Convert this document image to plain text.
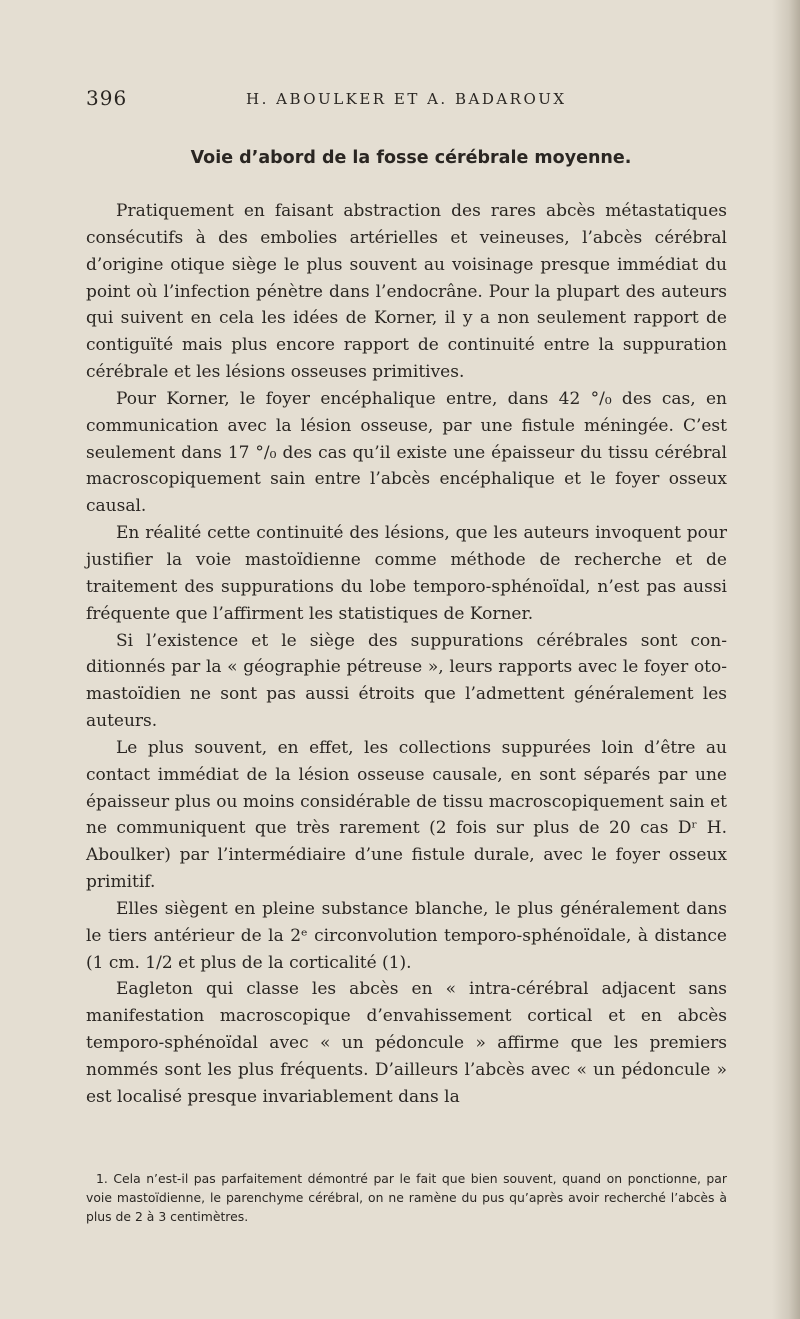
396	H. ABOULKER ET A. BADAROUX
Voie d’abord de la fosse cérébrale moyenne.

Pratiquement en faisant abstraction des rares abcès métastatiques consécutifs à des embolies artérielles et veineuses, l’abcès cérébral d’origine otique siège le plus souvent au voisinage presque immédiat du point où l’infection pénètre dans l’endocrâne. Pour la plupart des auteurs qui suivent en cela les idées de Korner, il y a non seulement rapport de contiguïté mais plus encore rapport de continuité entre la suppuration cérébrale et les lésions osseuses primitives.

Pour Korner, le foyer encéphalique entre, dans 42 °/₀ des cas, en communication avec la lésion osseuse, par une fistule méningée. C’est seulement dans 17 °/₀ des cas qu’il existe une épaisseur du tissu cérébral macroscopiquement sain entre l’abcès encéphalique et le foyer osseux causal.

En réalité cette continuité des lésions, que les auteurs invoquent pour justifier la voie mastoïdienne comme méthode de recherche et de traitement des suppurations du lobe temporo-sphénoïdal, n’est pas aussi fréquente que l’affirment les statistiques de Korner.

Si l’existence et le siège des suppurations cérébrales sont conditionnés par la « géographie pétreuse », leurs rapports avec le foyer oto-mastoïdien ne sont pas aussi étroits que l’admettent généralement les auteurs.

Le plus souvent, en effet, les collections suppurées loin d’être au contact immédiat de la lésion osseuse causale, en sont séparés par une épaisseur plus ou moins considérable de tissu macroscopiquement sain et ne communiquent que très rarement (2 fois sur plus de 20 cas Dʳ H. Aboulker) par l’intermédiaire d’une fistule durale, avec le foyer osseux primitif.

Elles siègent en pleine substance blanche, le plus généralement dans le tiers antérieur de la 2ᵉ circonvolution temporo-sphénoïdale, à distance (1 cm. 1/2 et plus de la corticalité (1).

Eagleton qui classe les abcès en « intra-cérébral adjacent sans manifestation macroscopique d’envahissement cortical et en abcès temporo-sphénoïdal avec « un pédoncule » affirme que les premiers nommés sont les plus fréquents. D’ailleurs l’abcès avec « un pédoncule » est localisé presque invariablement dans la

1. Cela n’est-il pas parfaitement démontré par le fait que bien souvent, quand on ponctionne, par voie mastoïdienne, le parenchyme cérébral, on ne ramène du pus qu’après avoir recherché l’abcès à plus de 2 à 3 centimètres.
